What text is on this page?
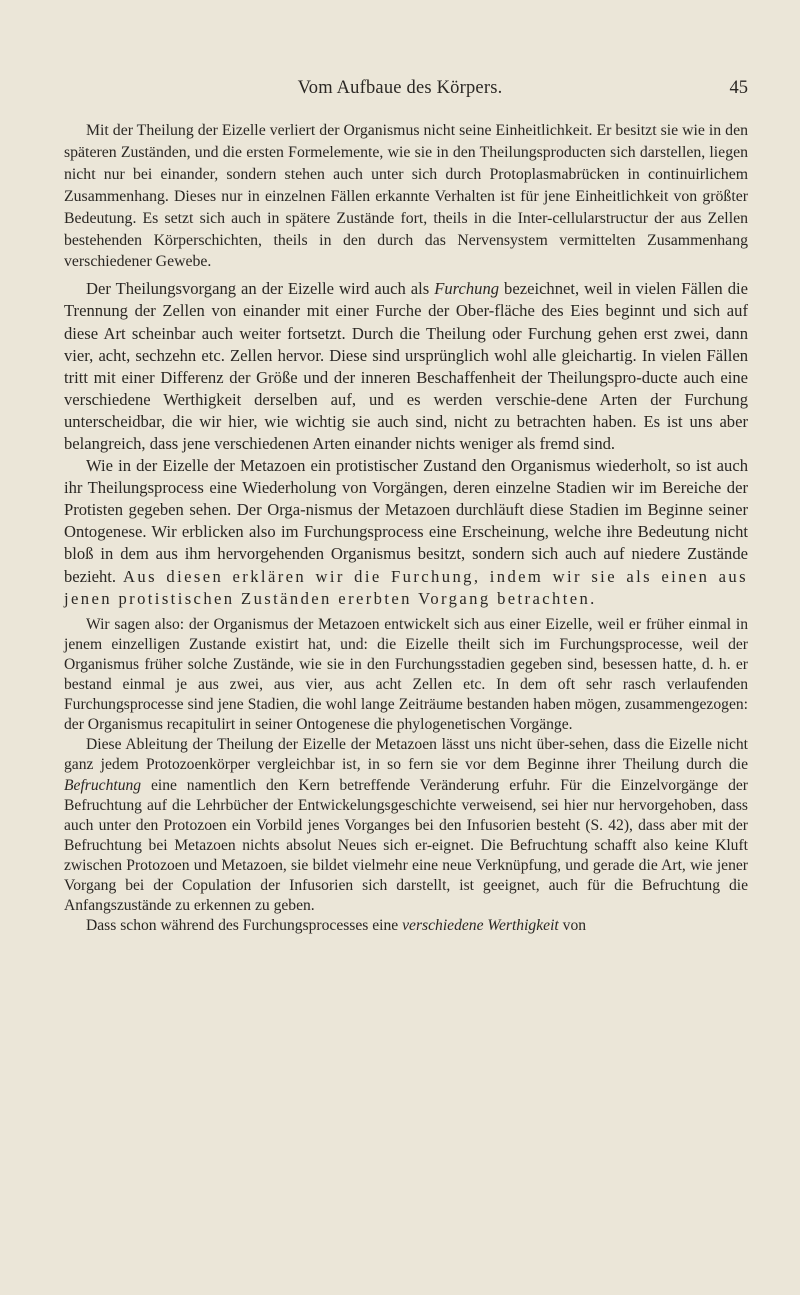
Vom Aufbaue des Körpers.	45

Mit der Theilung der Eizelle verliert der Organismus nicht seine Einheitlichkeit. Er besitzt sie wie in den späteren Zuständen, und die ersten Formelemente, wie sie in den Theilungsproducten sich darstellen, liegen nicht nur bei einander, sondern stehen auch unter sich durch Protoplasmabrücken in continuirlichem Zusammenhang. Dieses nur in einzelnen Fällen erkannte Verhalten ist für jene Einheitlichkeit von größter Bedeutung. Es setzt sich auch in spätere Zustände fort, theils in die Inter-cellularstructur der aus Zellen bestehenden Körperschichten, theils in den durch das Nervensystem vermittelten Zusammenhang verschiedener Gewebe.

Der Theilungsvorgang an der Eizelle wird auch als Furchung bezeichnet, weil in vielen Fällen die Trennung der Zellen von einander mit einer Furche der Ober-fläche des Eies beginnt und sich auf diese Art scheinbar auch weiter fortsetzt. Durch die Theilung oder Furchung gehen erst zwei, dann vier, acht, sechzehn etc. Zellen hervor. Diese sind ursprünglich wohl alle gleichartig. In vielen Fällen tritt mit einer Differenz der Größe und der inneren Beschaffenheit der Theilungspro-ducte auch eine verschiedene Werthigkeit derselben auf, und es werden verschie-dene Arten der Furchung unterscheidbar, die wir hier, wie wichtig sie auch sind, nicht zu betrachten haben. Es ist uns aber belangreich, dass jene verschiedenen Arten einander nichts weniger als fremd sind.

Wie in der Eizelle der Metazoen ein protistischer Zustand den Organismus wiederholt, so ist auch ihr Theilungsprocess eine Wiederholung von Vorgängen, deren einzelne Stadien wir im Bereiche der Protisten gegeben sehen. Der Orga-nismus der Metazoen durchläuft diese Stadien im Beginne seiner Ontogenese. Wir erblicken also im Furchungsprocess eine Erscheinung, welche ihre Bedeutung nicht bloß in dem aus ihm hervorgehenden Organismus besitzt, sondern sich auch auf niedere Zustände bezieht. Aus diesen erklären wir die Furchung, indem wir sie als einen aus jenen protistischen Zuständen ererbten Vorgang betrachten.

Wir sagen also: der Organismus der Metazoen entwickelt sich aus einer Eizelle, weil er früher einmal in jenem einzelligen Zustande existirt hat, und: die Eizelle theilt sich im Furchungsprocesse, weil der Organismus früher solche Zustände, wie sie in den Furchungsstadien gegeben sind, besessen hatte, d. h. er bestand einmal je aus zwei, aus vier, aus acht Zellen etc. In dem oft sehr rasch verlaufenden Furchungsprocesse sind jene Stadien, die wohl lange Zeiträume bestanden haben mögen, zusammengezogen: der Organismus recapitulirt in seiner Ontogenese die phylogenetischen Vorgänge.

Diese Ableitung der Theilung der Eizelle der Metazoen lässt uns nicht über-sehen, dass die Eizelle nicht ganz jedem Protozoenkörper vergleichbar ist, in so fern sie vor dem Beginne ihrer Theilung durch die Befruchtung eine namentlich den Kern betreffende Veränderung erfuhr. Für die Einzelvorgänge der Befruchtung auf die Lehrbücher der Entwickelungsgeschichte verweisend, sei hier nur hervorgehoben, dass auch unter den Protozoen ein Vorbild jenes Vorganges bei den Infusorien besteht (S. 42), dass aber mit der Befruchtung bei Metazoen nichts absolut Neues sich er-eignet. Die Befruchtung schafft also keine Kluft zwischen Protozoen und Metazoen, sie bildet vielmehr eine neue Verknüpfung, und gerade die Art, wie jener Vorgang bei der Copulation der Infusorien sich darstellt, ist geeignet, auch für die Befruchtung die Anfangszustände zu erkennen zu geben.

Dass schon während des Furchungsprocesses eine verschiedene Werthigkeit von
